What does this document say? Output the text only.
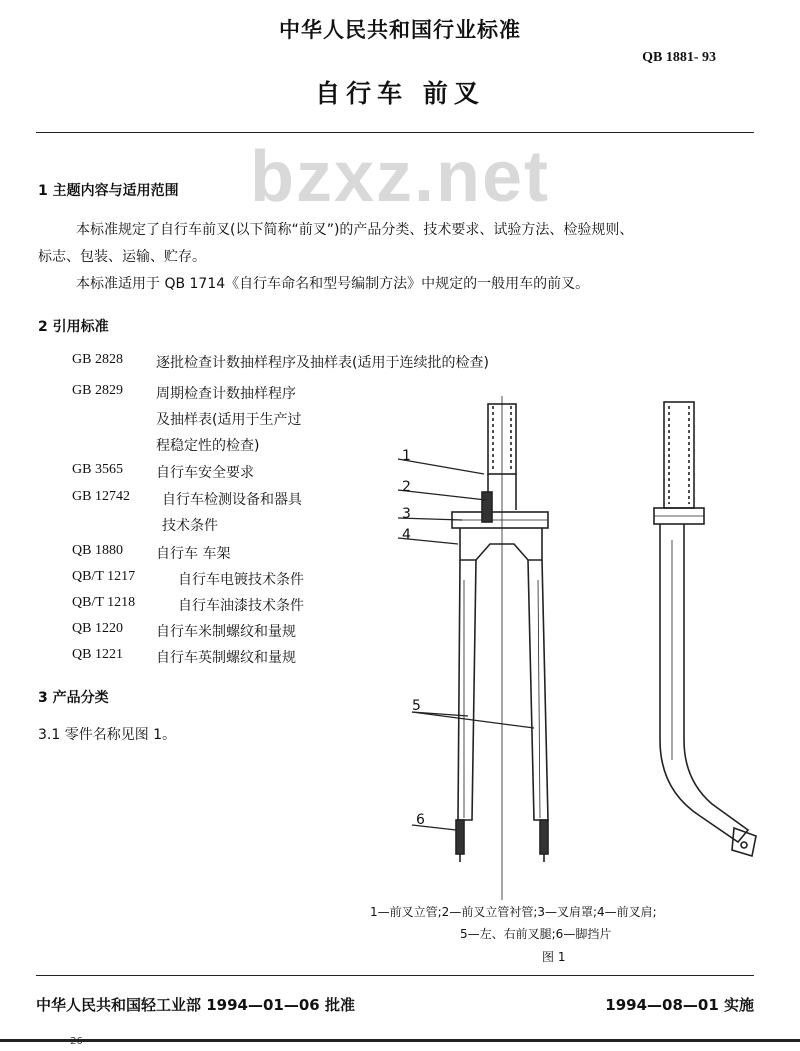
中华人民共和国行业标准
QB 1881- 93
自行车 前叉
bzxz.net
1 主题内容与适用范围
本标准规定了自行车前叉(以下简称“前叉”)的产品分类、技术要求、试验方法、检验规则、
标志、包装、运输、贮存。
本标准适用于 QB 1714《自行车命名和型号编制方法》中规定的一般用车的前叉。
2 引用标准
GB 2828 逐批检查计数抽样程序及抽样表(适用于连续批的检查)
GB 2829 周期检查计数抽样程序
及抽样表(适用于生产过
程稳定性的检查)
GB 3565 自行车安全要求
GB 12742 自行车检测设备和器具
技术条件
QB 1880 自行车 车架
QB/T 1217	自行车电镀技术条件
QB/T 1218	自行车油漆技术条件
QB 1220 自行车米制螺纹和量规
QB 1221 自行车英制螺纹和量规
3 产品分类
3.1 零件名称见图 1。
1
2
3
4
5
6
1—前叉立管;2—前叉立管衬管;3—叉肩罩;4—前叉肩;
5—左、右前叉腿;6—脚挡片
图 1
中华人民共和国轻工业部 1994—01—06 批准	1994—08—01 实施
